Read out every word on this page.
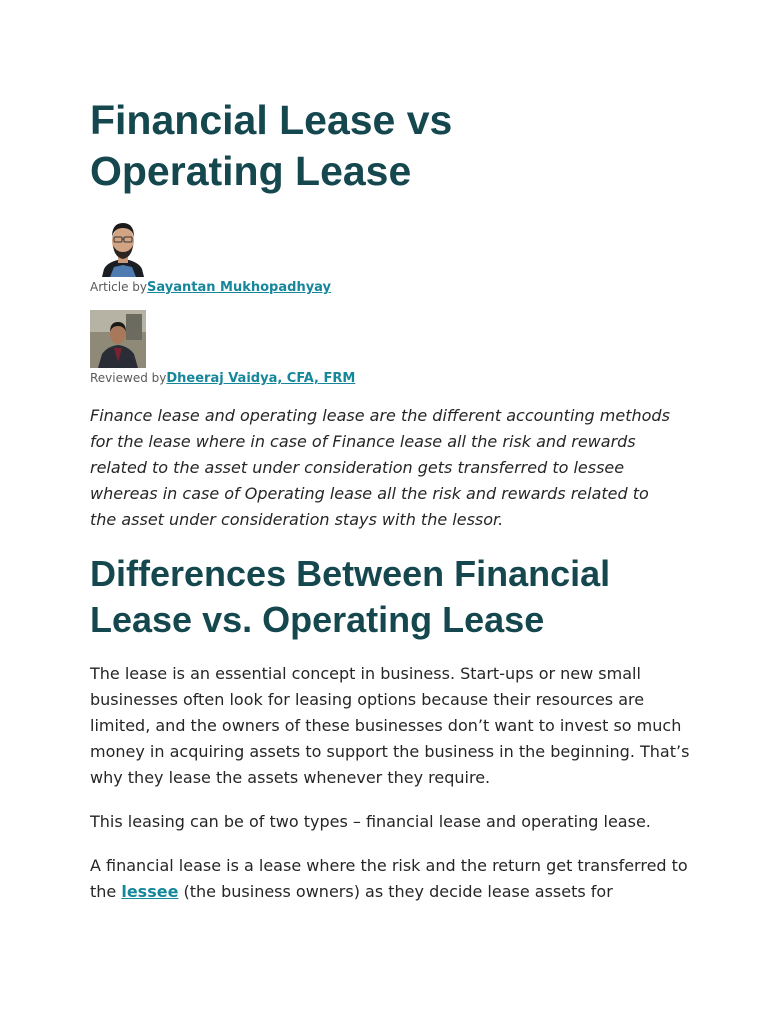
Financial Lease vs Operating Lease
Article bySayantan Mukhopadhyay
Reviewed byDheeraj Vaidya, CFA, FRM

Finance lease and operating lease are the different accounting methods for the lease where in case of Finance lease all the risk and rewards related to the asset under consideration gets transferred to lessee whereas in case of Operating lease all the risk and rewards related to the asset under consideration stays with the lessor.

Differences Between Financial Lease vs. Operating Lease

The lease is an essential concept in business. Start-ups or new small businesses often look for leasing options because their resources are limited, and the owners of these businesses don’t want to invest so much money in acquiring assets to support the business in the beginning. That’s why they lease the assets whenever they require.

This leasing can be of two types – financial lease and operating lease.

A financial lease is a lease where the risk and the return get transferred to the lessee (the business owners) as they decide lease assets for
